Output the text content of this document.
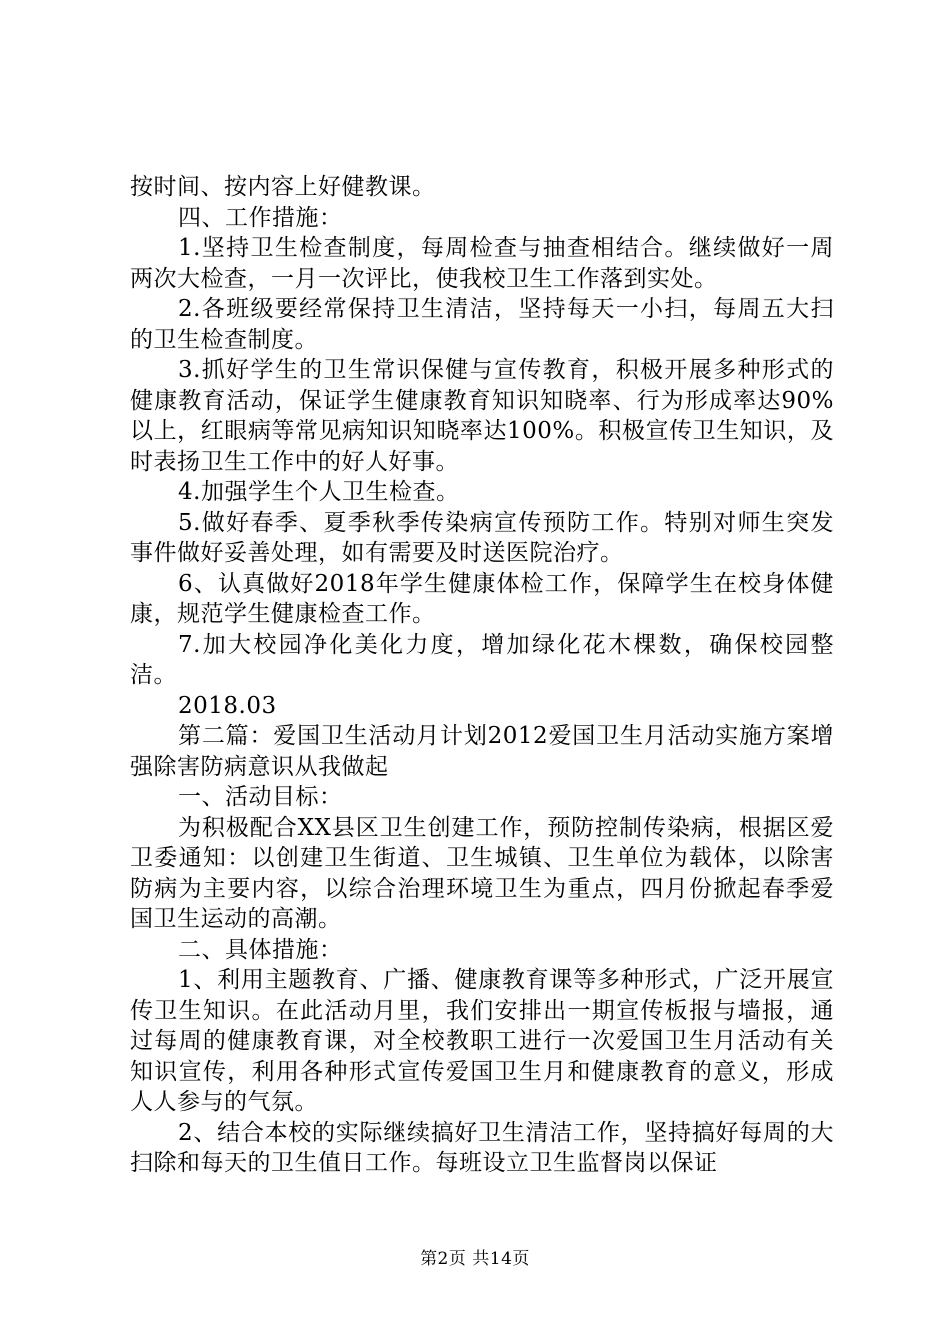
按时间、按内容上好健教课。

四、工作措施：

1.坚持卫生检查制度，每周检查与抽查相结合。继续做好一周两次大检查，一月一次评比，使我校卫生工作落到实处。

2.各班级要经常保持卫生清洁，坚持每天一小扫，每周五大扫的卫生检查制度。

3.抓好学生的卫生常识保健与宣传教育，积极开展多种形式的健康教育活动，保证学生健康教育知识知晓率、行为形成率达90%以上，红眼病等常见病知识知晓率达100%。积极宣传卫生知识，及时表扬卫生工作中的好人好事。

4.加强学生个人卫生检查。

5.做好春季、夏季秋季传染病宣传预防工作。特别对师生突发事件做好妥善处理，如有需要及时送医院治疗。

6、认真做好2018年学生健康体检工作，保障学生在校身体健康，规范学生健康检查工作。

7.加大校园净化美化力度，增加绿化花木棵数，确保校园整洁。

2018.03

第二篇：爱国卫生活动月计划2012爱国卫生月活动实施方案增强除害防病意识从我做起

一、活动目标：

为积极配合XX县区卫生创建工作，预防控制传染病，根据区爱卫委通知：以创建卫生街道、卫生城镇、卫生单位为载体，以除害防病为主要内容，以综合治理环境卫生为重点，四月份掀起春季爱国卫生运动的高潮。

二、具体措施：

1、利用主题教育、广播、健康教育课等多种形式，广泛开展宣传卫生知识。在此活动月里，我们安排出一期宣传板报与墙报，通过每周的健康教育课，对全校教职工进行一次爱国卫生月活动有关知识宣传，利用各种形式宣传爱国卫生月和健康教育的意义，形成人人参与的气氛。

2、结合本校的实际继续搞好卫生清洁工作，坚持搞好每周的大扫除和每天的卫生值日工作。每班设立卫生监督岗以保证

第2页 共14页
